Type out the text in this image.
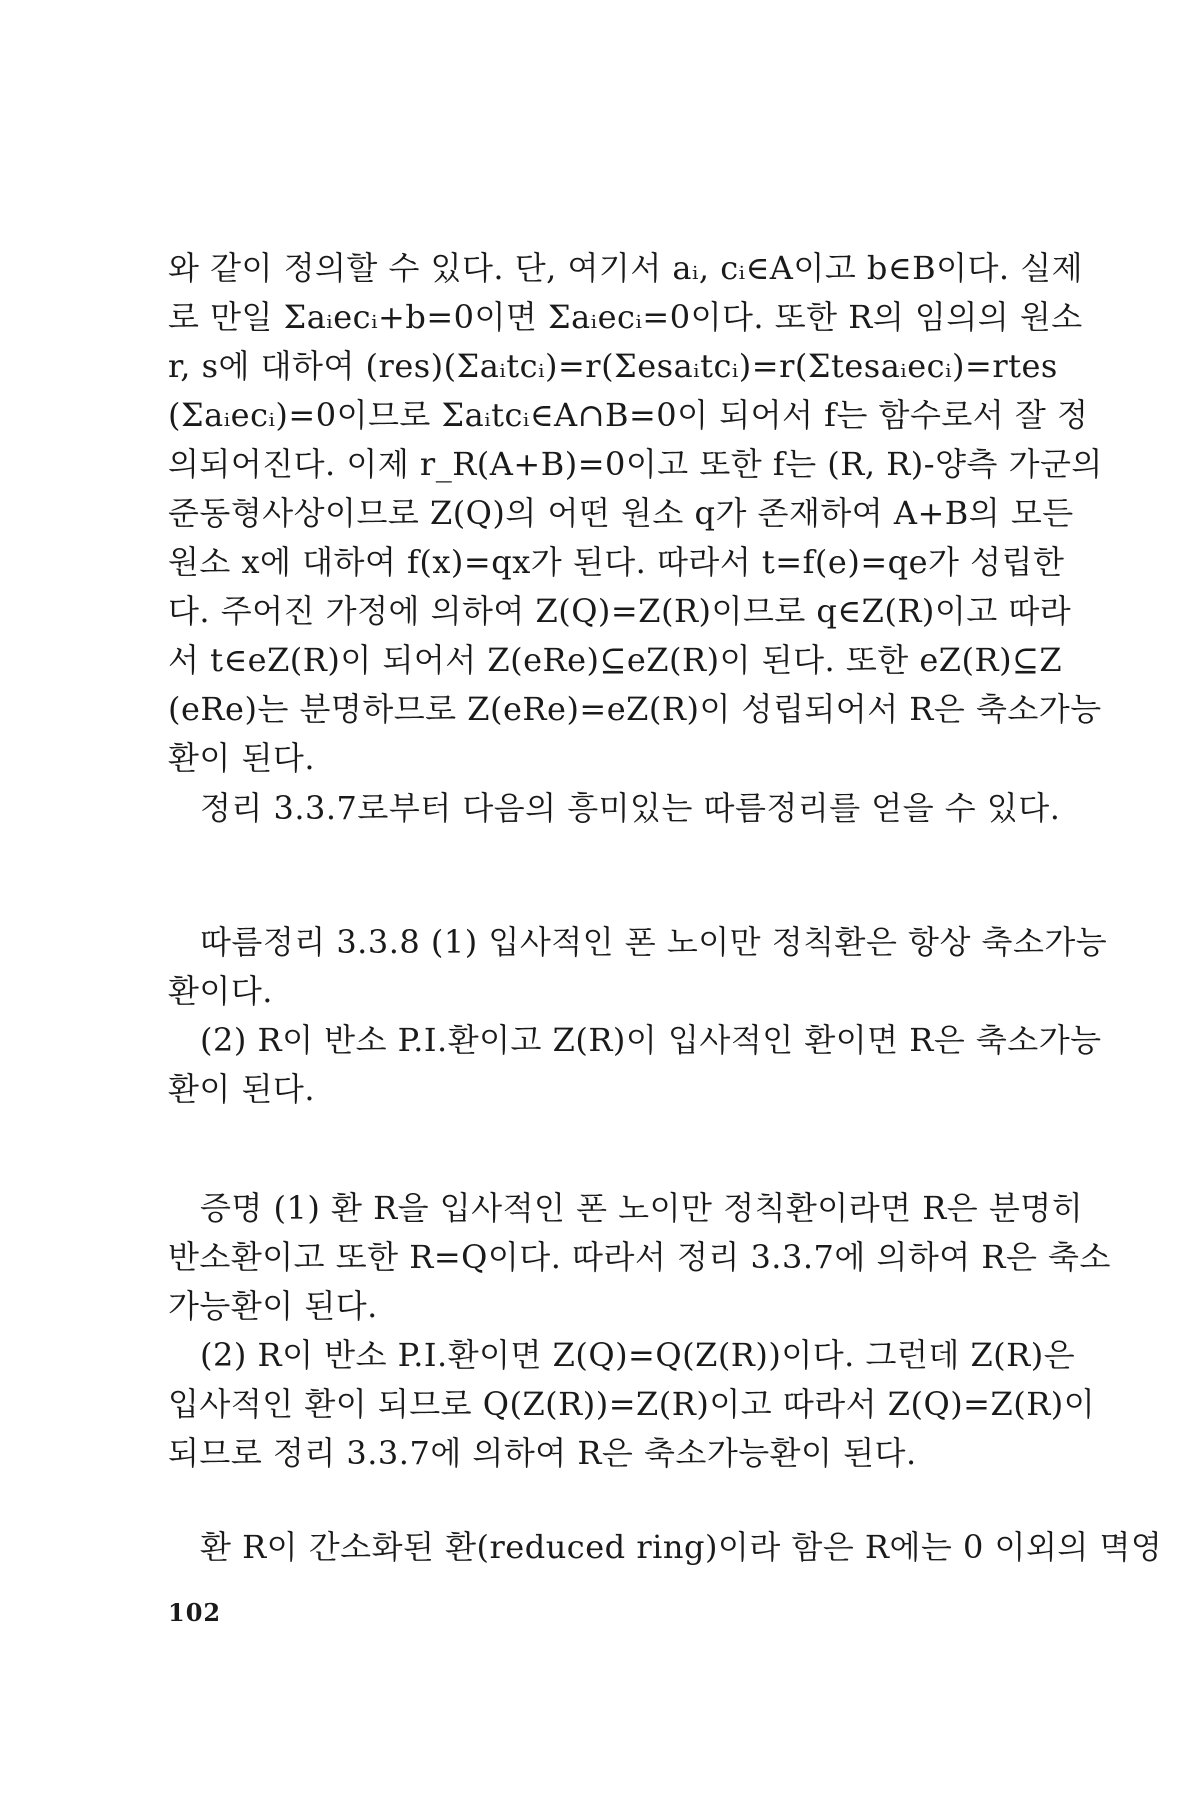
와 같이 정의할 수 있다. 단, 여기서 aᵢ, cᵢ∈A이고 b∈B이다. 실제
로 만일 Σaᵢecᵢ+b=0이면 Σaᵢecᵢ=0이다. 또한 R의 임의의 원소
r, s에 대하여 (res)(Σaᵢtcᵢ)=r(Σesaᵢtcᵢ)=r(Σtesaᵢecᵢ)=rtes
(Σaᵢecᵢ)=0이므로 Σaᵢtcᵢ∈A∩B=0이 되어서 f는 함수로서 잘 정
의되어진다. 이제 r_R(A+B)=0이고 또한 f는 (R, R)-양측 가군의
준동형사상이므로 Z(Q)의 어떤 원소 q가 존재하여 A+B의 모든
원소 x에 대하여 f(x)=qx가 된다. 따라서 t=f(e)=qe가 성립한
다. 주어진 가정에 의하여 Z(Q)=Z(R)이므로 q∈Z(R)이고 따라
서 t∈eZ(R)이 되어서 Z(eRe)⊆eZ(R)이 된다. 또한 eZ(R)⊆Z
(eRe)는 분명하므로 Z(eRe)=eZ(R)이 성립되어서 R은 축소가능
환이 된다.
정리 3.3.7로부터 다음의 흥미있는 따름정리를 얻을 수 있다.
따름정리 3.3.8 (1) 입사적인 폰 노이만 정칙환은 항상 축소가능
환이다.
(2) R이 반소 P.I.환이고 Z(R)이 입사적인 환이면 R은 축소가능
환이 된다.
증명 (1) 환 R을 입사적인 폰 노이만 정칙환이라면 R은 분명히
반소환이고 또한 R=Q이다. 따라서 정리 3.3.7에 의하여 R은 축소
가능환이 된다.
(2) R이 반소 P.I.환이면 Z(Q)=Q(Z(R))이다. 그런데 Z(R)은
입사적인 환이 되므로 Q(Z(R))=Z(R)이고 따라서 Z(Q)=Z(R)이
되므로 정리 3.3.7에 의하여 R은 축소가능환이 된다.
환 R이 간소화된 환(reduced ring)이라 함은 R에는 0 이외의 멱영
102
